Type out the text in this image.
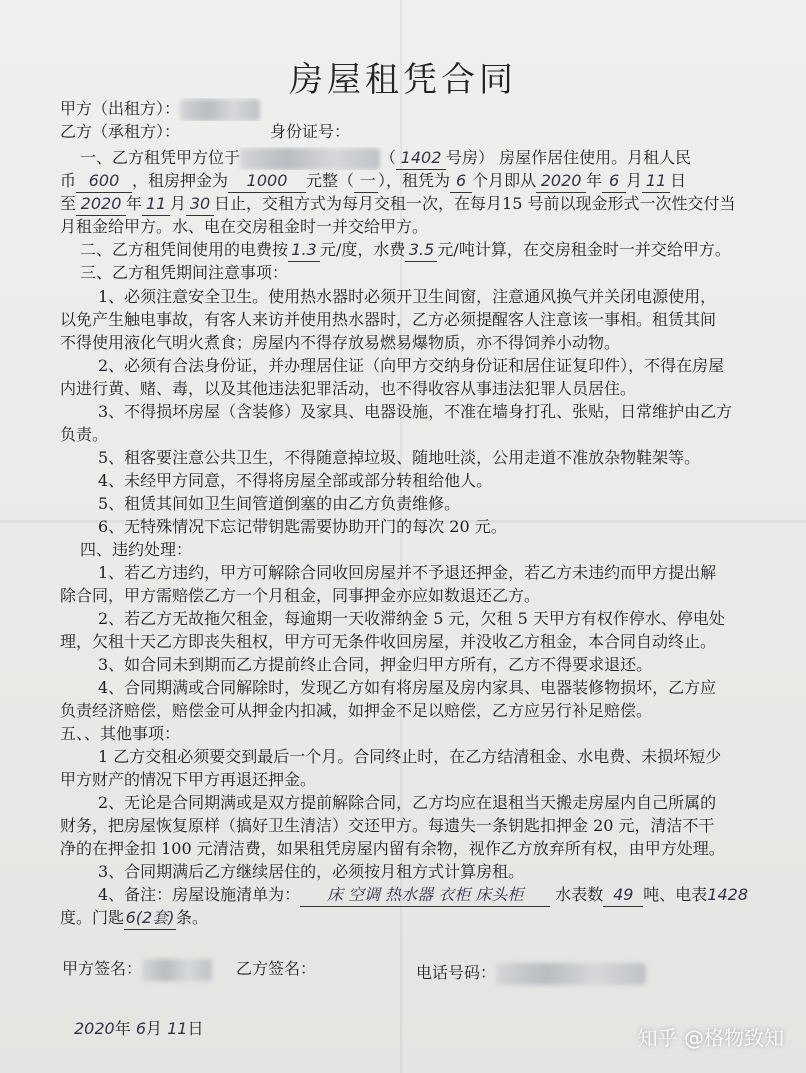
房屋租凭合同
甲方（出租方）：
乙方（承租方）：	身份证号：
一、乙方租凭甲方位于	（ 1402 号房） 房屋作居住使用。月租人民
币 600 ，租房押金为 1000 元整（ 一 ），租凭为 6 个月即从 2020 年 6 月 11 日
至 2020 年 11 月 30 日止，交租方式为每月交租一次，在每月15 号前以现金形式一次性交付当
月租金给甲方。水、电在交房租金时一并交给甲方。
二、乙方租凭间使用的电费按 1.3 元/度，水费 3.5 元/吨计算，在交房租金时一并交给甲方。
三、乙方租凭期间注意事项：
1、必须注意安全卫生。使用热水器时必须开卫生间窗，注意通风换气并关闭电源使用，
以免产生触电事故，有客人来访并使用热水器时，乙方必须提醒客人注意该一事相。租赁其间
不得使用液化气明火煮食；房屋内不得存放易燃易爆物质，亦不得饲养小动物。
2、必须有合法身份证，并办理居住证（向甲方交纳身份证和居住证复印件），不得在房屋
内进行黄、赌、毒，以及其他违法犯罪活动，也不得收容从事违法犯罪人员居住。
3、不得损坏房屋（含装修）及家具、电器设施，不准在墙身打孔、张贴，日常维护由乙方
负责。
5、租客要注意公共卫生，不得随意掉垃圾、随地吐淡，公用走道不准放杂物鞋架等。
4、未经甲方同意，不得将房屋全部或部分转租给他人。
5、租赁其间如卫生间管道倒塞的由乙方负责维修。
6、无特殊情况下忘记带钥匙需要协助开门的每次 20 元。
四、违约处理：
1、若乙方违约，甲方可解除合同收回房屋并不予退还押金，若乙方未违约而甲方提出解
除合同，甲方需赔偿乙方一个月租金，同事押金亦应如数退还乙方。
2、若乙方无故拖欠租金，每逾期一天收滞纳金 5 元，欠租 5 天甲方有权作停水、停电处
理，欠租十天乙方即丧失租权，甲方可无条件收回房屋，并没收乙方租金，本合同自动终止。
3、如合同未到期而乙方提前终止合同，押金归甲方所有，乙方不得要求退还。
4、合同期满或合同解除时，发现乙方如有将房屋及房内家具、电器装修物损坏，乙方应
负责经济赔偿，赔偿金可从押金内扣减，如押金不足以赔偿，乙方应另行补足赔偿。
五、、其他事项：
1 乙方交租必须要交到最后一个月。合同终止时，在乙方结清租金、水电费、未损坏短少
甲方财产的情况下甲方再退还押金。
2、无论是合同期满或是双方提前解除合同，乙方均应在退租当天搬走房屋内自己所属的
财务，把房屋恢复原样（搞好卫生清洁）交还甲方。每遗失一条钥匙扣押金 20 元，清洁不干
净的在押金扣 100 元清洁费，如果租凭房屋内留有余物，视作乙方放弃所有权，由甲方处理。
3、合同期满后乙方继续居住的，必须按月租方式计算房租。
4、备注：房屋设施清单为： 床 空调 热水器 衣柜 床头柜 水表数 49 吨、电表1428
度。门匙6(2套)条。
甲方签名：	乙方签名：	电话号码：
2020年 6月 11日	知乎 @格物致知
